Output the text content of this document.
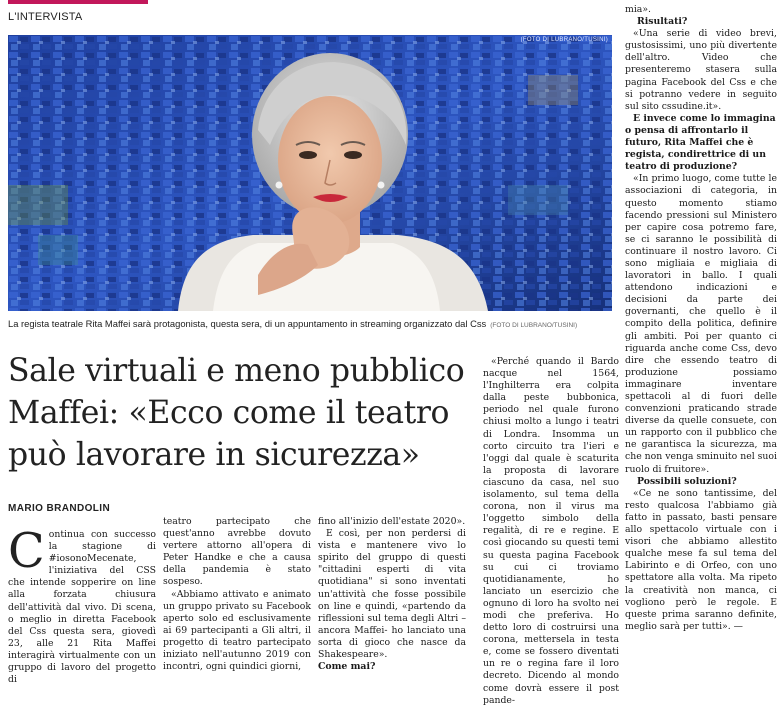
L'INTERVISTA
(FOTO DI LUBRANO/TUSINI)
La regista teatrale Rita Maffei sarà protagonista, questa sera, di un appuntamento in streaming organizzato dal Css (FOTO DI LUBRANO/TUSINI)
Sale virtuali e meno pubblico
Maffei: «Ecco come il teatro
può lavorare in sicurezza»
MARIO BRANDOLIN

Continua con successo la stagione di #iosonoMecenate, l'iniziativa del CSS che intende sopperire on line alla forzata chiusura dell'attività dal vivo. Di scena, o meglio in diretta Facebook del Css questa sera, giovedì 23, alle 21 Rita Maffei interagirà virtualmente con un gruppo di lavoro del progetto di

teatro partecipato che quest'anno avrebbe dovuto vertere attorno all'opera di Peter Handke e che a causa della pandemia è stato sospeso.

«Abbiamo attivato e animato un gruppo privato su Facebook aperto solo ed esclusivamente ai 69 partecipanti a Gli altri, il progetto di teatro partecipato iniziato nell'autunno 2019 con incontri, ogni quindici giorni,

fino all'inizio dell'estate 2020».

E così, per non perdersi di vista e mantenere vivo lo spirito del gruppo di questi "cittadini esperti di vita quotidiana" si sono inventati un'attività che fosse possibile on line e quindi, «partendo da riflessioni sul tema degli Altri – ancora Maffei- ho lanciato una sorta di gioco che nasce da Shakespeare».

Come mai?

«Perché quando il Bardo nacque nel 1564, l'Inghilterra era colpita dalla peste bubbonica, periodo nel quale furono chiusi molto a lungo i teatri di Londra. Insomma un corto circuito tra l'ieri e l'oggi dal quale è scaturita la proposta di lavorare ciascuno da casa, nel suo isolamento, sul tema della corona, non il virus ma l'oggetto simbolo della regalità, di re e regine. E così giocando su questi temi su questa pagina Facebook su cui ci troviamo quotidianamente, ho lanciato un esercizio che ognuno di loro ha svolto nei modi che preferiva. Ho detto loro di costruirsi una corona, mettersela in testa e, come se fossero diventati un re o regina fare il loro decreto. Dicendo al mondo come dovrà essere il post pande-

mia».

Risultati?

«Una serie di video brevi, gustosissimi, uno più divertente dell'altro. Video che presenteremo stasera sulla pagina Facebook del Css e che si potranno vedere in seguito sul sito cssudine.it».

E invece come lo immagina o pensa di affrontarlo il futuro, Rita Maffei che è regista, condirettrice di un teatro di produzione?

«In primo luogo, come tutte le associazioni di categoria, in questo momento stiamo facendo pressioni sul Ministero per capire cosa potremo fare, se ci saranno le possibilità di continuare il nostro lavoro. Ci sono migliaia e migliaia di lavoratori in ballo. I quali attendono indicazioni e decisioni da parte dei governanti, che quello è il compito della politica, definire gli ambiti. Poi per quanto ci riguarda anche come Css, devo dire che essendo teatro di produzione possiamo immaginare inventare spettacoli al di fuori delle convenzioni praticando strade diverse da quelle consuete, con un rapporto con il pubblico che ne garantisca la sicurezza, ma che non venga sminuito nel suoi ruolo di fruitore».

Possibili soluzioni?

«Ce ne sono tantissime, del resto qualcosa l'abbiamo già fatto in passato, basti pensare allo spettacolo virtuale con i visori che abbiamo allestito qualche mese fa sul tema del Labirinto e di Orfeo, con uno spettatore alla volta. Ma ripeto la creatività non manca, ci vogliono però le regole. E queste prima saranno definite, meglio sarà per tutti». —
